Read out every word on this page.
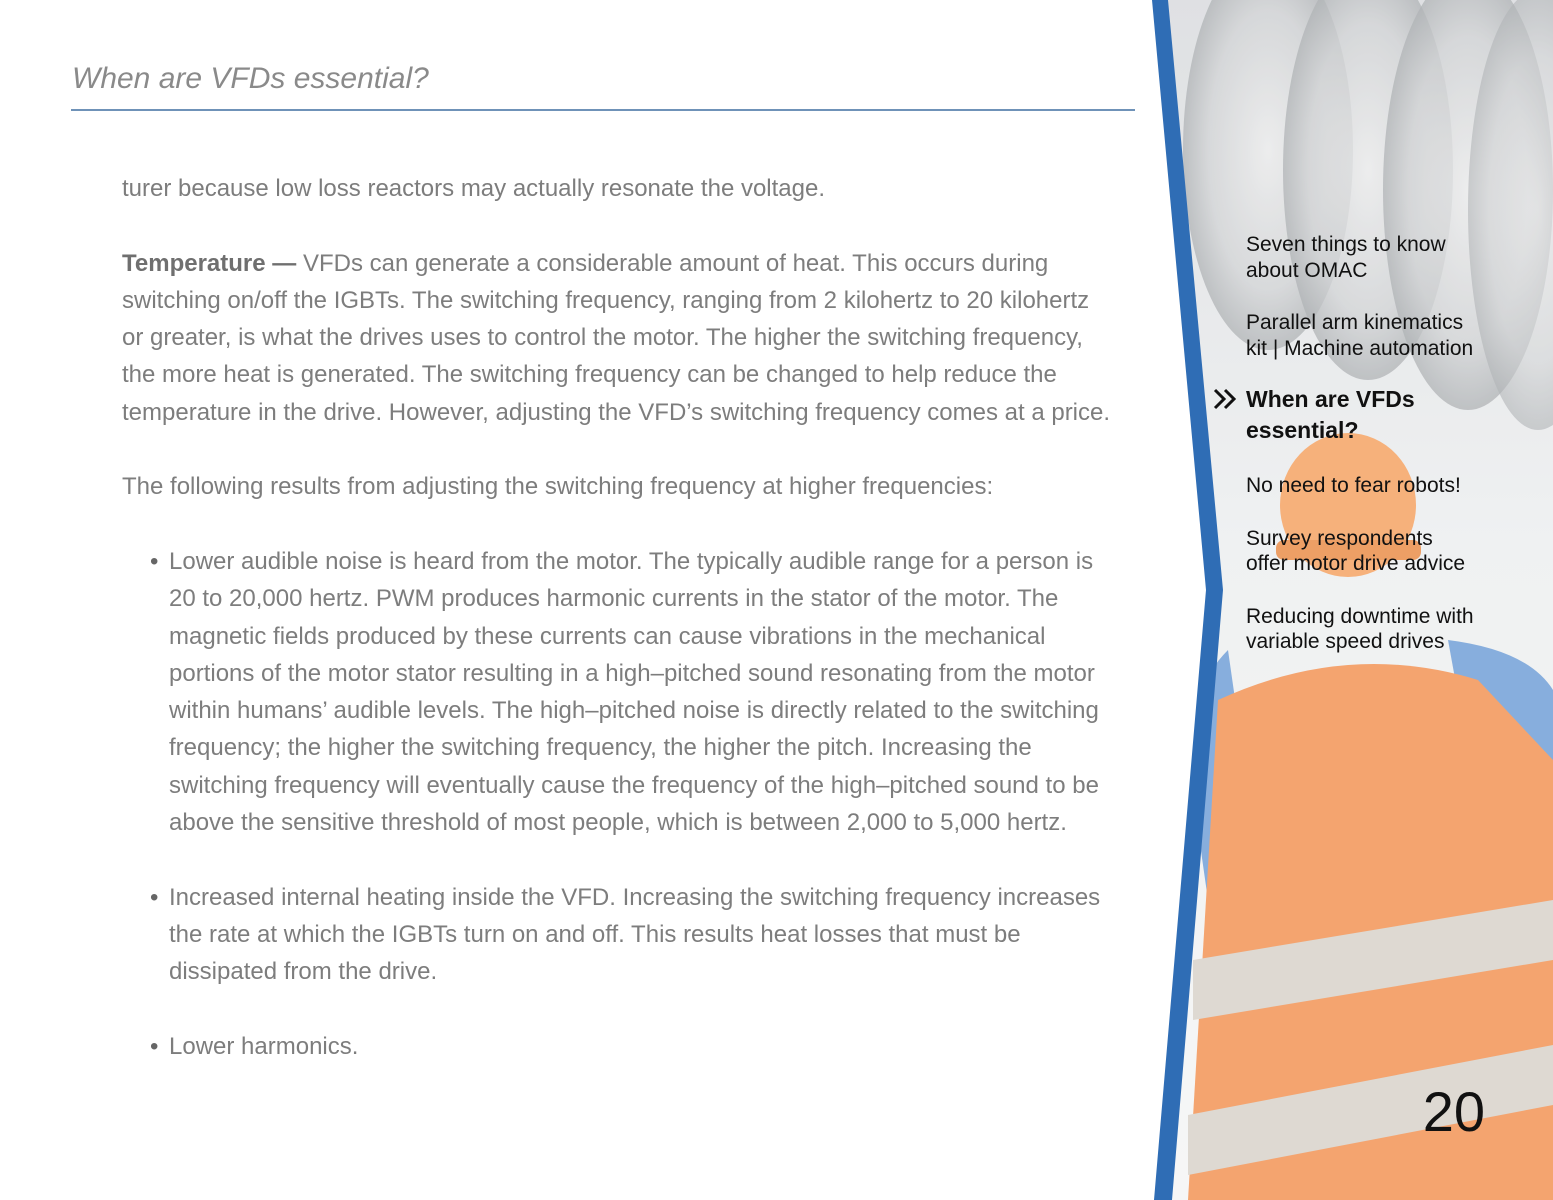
When are VFDs essential?

turer because low loss reactors may actually resonate the voltage.

Temperature — VFDs can generate a considerable amount of heat. This occurs during switching on/off the IGBTs. The switching frequency, ranging from 2 kilohertz to 20 kilohertz or greater, is what the drives uses to control the motor. The higher the switching frequency, the more heat is generated. The switching frequency can be changed to help reduce the temperature in the drive. However, adjusting the VFD’s switching frequency comes at a price.

The following results from adjusting the switching frequency at higher frequencies:

• Lower audible noise is heard from the motor. The typically audible range for a person is 20 to 20,000 hertz. PWM produces harmonic currents in the stator of the motor. The magnetic fields produced by these currents can cause vibrations in the mechanical portions of the motor stator resulting in a high–pitched sound resonating from the motor within humans’ audible levels. The high–pitched noise is directly related to the switching frequency; the higher the switching frequency, the higher the pitch. Increasing the switching frequency will eventually cause the frequency of the high–pitched sound to be above the sensitive threshold of most people, which is between 2,000 to 5,000 hertz.
• Increased internal heating inside the VFD. Increasing the switching frequency increases the rate at which the IGBTs turn on and off. This results heat losses that must be dissipated from the drive.
• Lower harmonics.
Seven things to know
about OMAC
Parallel arm kinematics
kit | Machine automation
When are VFDs
essential?
No need to fear robots!
Survey respondents
offer motor drive advice
Reducing downtime with
variable speed drives
20
